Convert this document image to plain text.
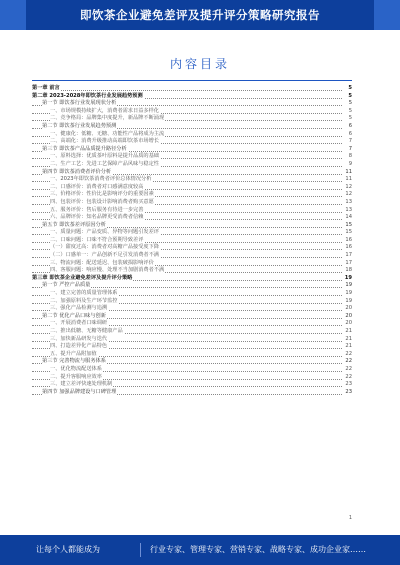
即饮茶企业避免差评及提升评分策略研究报告
内容目录
第一章 前言	5
第二章 2023-2028年即饮茶行业发展趋势预测	5
第一节 即饮茶行业发展现状分析	5
一、市场规模持续扩大，消费者需求日益多样化	5
二、竞争格局：品牌集中度提升，新品牌不断涌现	5
第二节 即饮茶行业发展趋势预测	6
一、健康化：低糖、无糖、功能性产品将成为主流	6
二、高端化：消费升级推动高端即饮茶市场增长	7
第三节 即饮茶产品品质提升路径分析	7
一、原料选择：优质茶叶原料是提升品质的基础	8
二、生产工艺：先进工艺保障产品风味与稳定性	9
第四节 即饮茶消费者评价分析	11
一、2023年即饮茶消费者评价总体情况分析	11
二、口感评价：消费者对口感满意度较高	12
三、价格评价：性价比是影响评分的重要因素	12
四、包装评价：包装设计影响消费者购买意愿	13
五、服务评价：售后服务有待进一步完善	13
六、品牌评价：知名品牌更受消费者信赖	14
第五节 即饮茶差评原因分析	15
一、质量问题：产品变质、异物等问题引发差评	15
二、口味问题：口味不符合预期导致差评	16
（一）甜度过高：消费者对高糖产品接受度下降	16
（二）口感单一：产品创新不足引发消费者不满	17
三、物流问题：配送延迟、包装破损影响评价	17
四、客服问题：响应慢、处理不当加剧消费者不满	18
第三章 即饮茶企业避免差评及提升评分策略	19
第一节 严控产品质量	19
一、建立完善的质量管理体系	19
二、加强原料及生产环节监控	19
三、强化产品检测与追溯	20
第二节 优化产品口味与创新	20
一、开展消费者口味调研	20
二、推出低糖、无糖等健康产品	21
三、加快新品研发与迭代	21
四、打造差异化产品特色	21
五、提升产品附加值	22
第三节 完善物流与服务体系	22
一、优化物流配送体系	22
二、提升客服响应效率	22
三、建立差评快速处理机制	23
第四节 加强品牌建设与口碑管理	23
1
让每个人都能成为	行业专家、管理专家、营销专家、战略专家、成功企业家……
